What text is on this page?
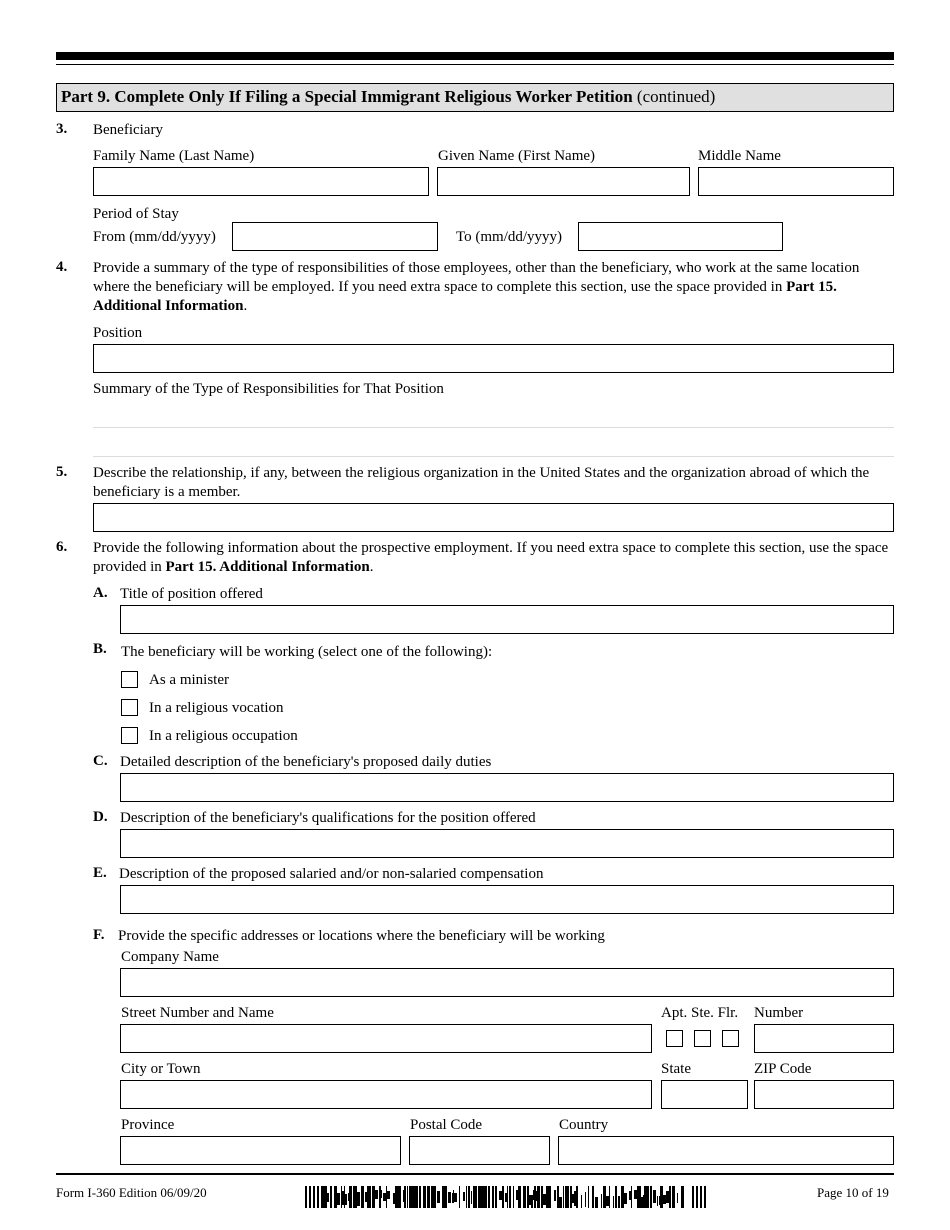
Part 9. Complete Only If Filing a Special Immigrant Religious Worker Petition (continued)
3. Beneficiary
Family Name (Last Name)	Given Name (First Name)	Middle Name
Period of Stay
From (mm/dd/yyyy)	To (mm/dd/yyyy)
4. Provide a summary of the type of responsibilities of those employees, other than the beneficiary, who work at the same location where the beneficiary will be employed. If you need extra space to complete this section, use the space provided in Part 15. Additional Information.
Position
Summary of the Type of Responsibilities for That Position
5. Describe the relationship, if any, between the religious organization in the United States and the organization abroad of which the beneficiary is a member.
6. Provide the following information about the prospective employment. If you need extra space to complete this section, use the space provided in Part 15. Additional Information.
A. Title of position offered
B. The beneficiary will be working (select one of the following):
As a minister
In a religious vocation
In a religious occupation
C. Detailed description of the beneficiary's proposed daily duties
D. Description of the beneficiary's qualifications for the position offered
E. Description of the proposed salaried and/or non-salaried compensation
F. Provide the specific addresses or locations where the beneficiary will be working
Company Name
Street Number and Name	Apt. Ste. Flr. Number
City or Town	State	ZIP Code
Province	Postal Code	Country
Form I-360 Edition 06/09/20	Page 10 of 19
